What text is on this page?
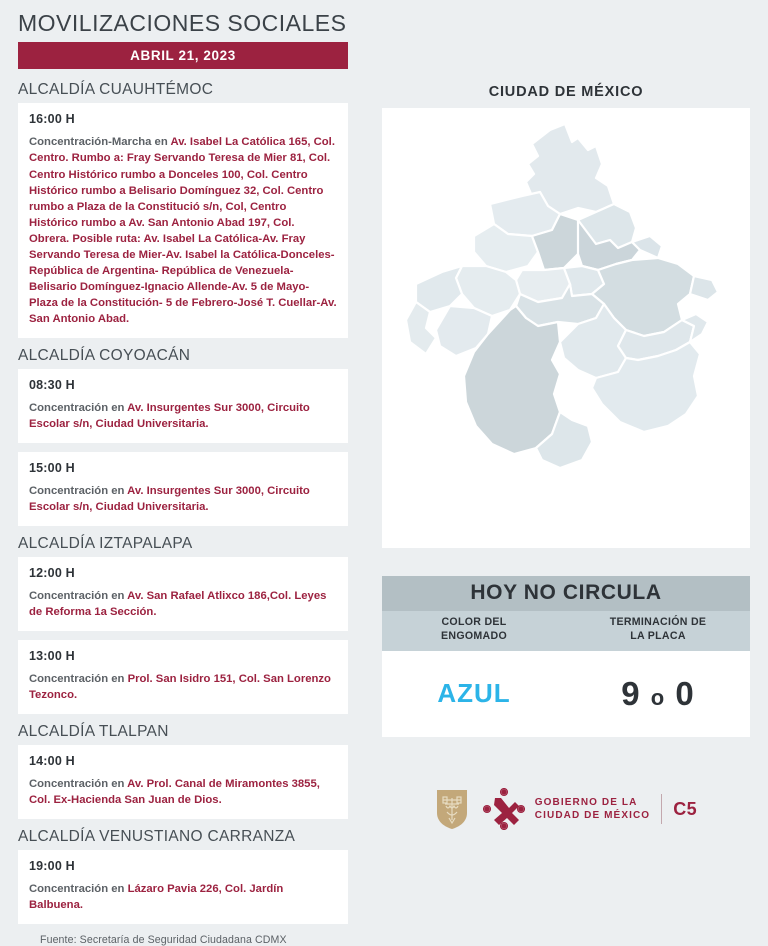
MOVILIZACIONES SOCIALES
ABRIL 21, 2023
ALCALDÍA CUAUHTÉMOC
16:00 H

Concentración-Marcha en Av. Isabel La Católica 165, Col. Centro. Rumbo a: Fray Servando Teresa de Mier 81, Col. Centro Histórico rumbo a Donceles 100, Col. Centro Histórico rumbo a Belisario Domínguez 32, Col. Centro rumbo a Plaza de la Constitució s/n, Col, Centro Histórico rumbo a Av. San Antonio Abad 197, Col. Obrera. Posible ruta: Av. Isabel La Católica-Av. Fray Servando Teresa de Mier-Av. Isabel la Católica-Donceles-República de Argentina- República de Venezuela- Belisario Domínguez-Ignacio Allende-Av. 5 de Mayo-Plaza de la Constitución- 5 de Febrero-José T. Cuellar-Av. San Antonio Abad.

ALCALDÍA COYOACÁN
08:30 H

Concentración en Av. Insurgentes Sur 3000, Circuito Escolar s/n, Ciudad Universitaria.

15:00 H

Concentración en Av. Insurgentes Sur 3000, Circuito Escolar s/n, Ciudad Universitaria.

ALCALDÍA IZTAPALAPA
12:00 H

Concentración en Av. San Rafael Atlixco 186,Col. Leyes de Reforma 1a Sección.

13:00 H

Concentración en Prol. San Isidro 151, Col. San Lorenzo Tezonco.

ALCALDÍA TLALPAN
14:00 H

Concentración en Av. Prol. Canal de Miramontes 3855, Col. Ex-Hacienda San Juan de Dios.

ALCALDÍA VENUSTIANO CARRANZA
19:00 H

Concentración en Lázaro Pavia 226, Col. Jardín Balbuena.

Fuente: Secretaría de Seguridad Ciudadana CDMX
CIUDAD DE MÉXICO
HOY NO CIRCULA
COLOR DEL
ENGOMADO
TERMINACIÓN DE
LA PLACA
AZUL	9 o 0
GOBIERNO DE LA
CIUDAD DE MÉXICO C5
